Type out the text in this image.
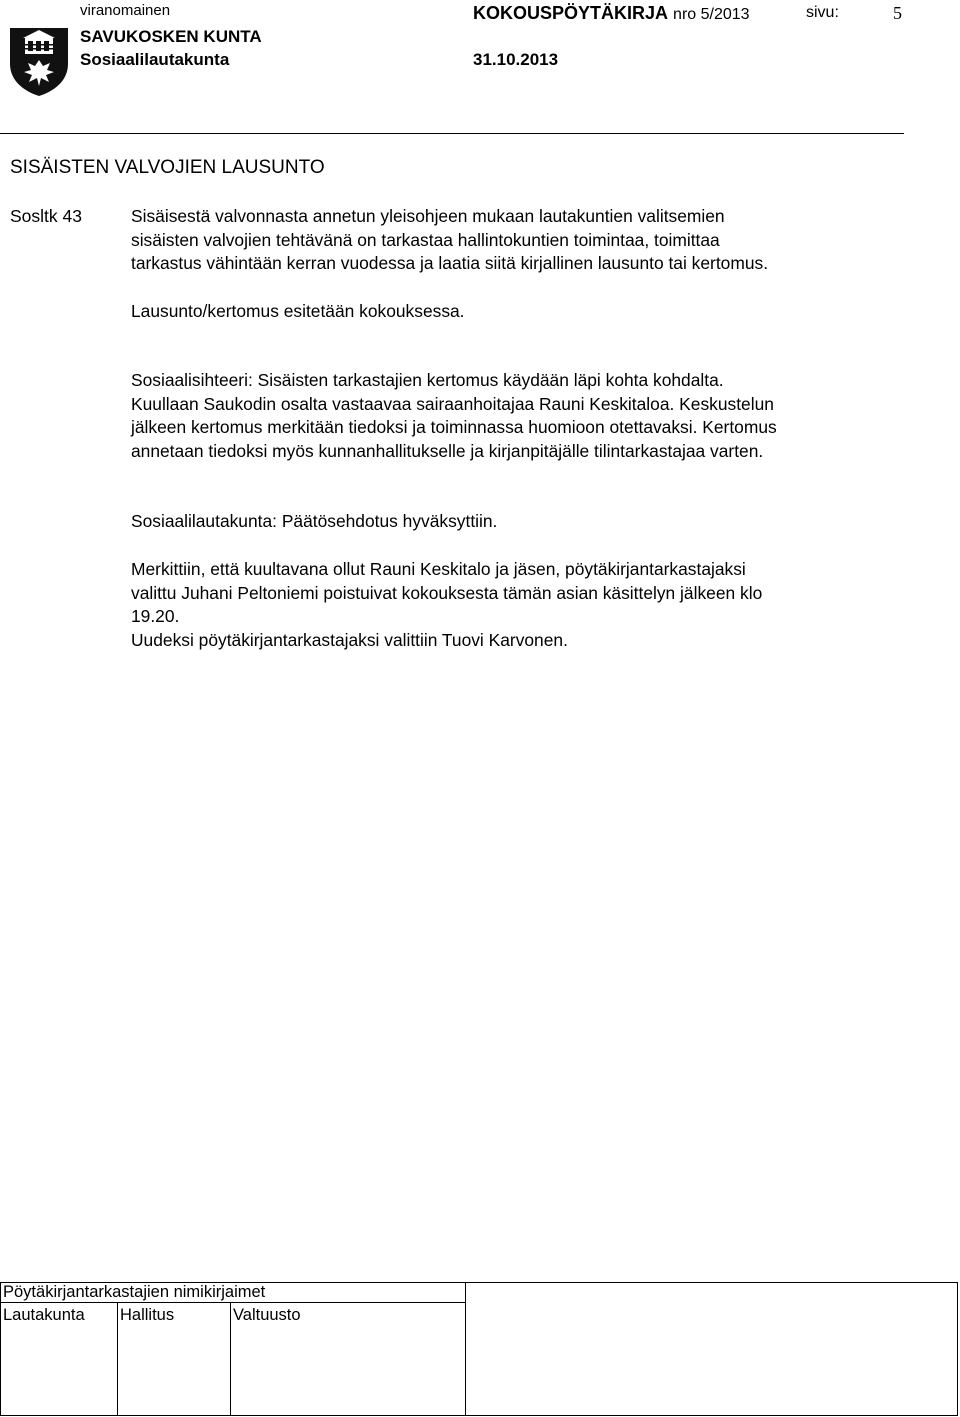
viranomainen	KOKOUSPÖYTÄKIRJA nro 5/2013	sivu:	5
SAVUKOSKEN KUNTA
Sosiaalilautakunta	31.10.2013
SISÄISTEN VALVOJIEN LAUSUNTO
Sosltk 43	Sisäisestä valvonnasta annetun yleisohjeen mukaan lautakuntien valitsemien
sisäisten valvojien tehtävänä on tarkastaa hallintokuntien toimintaa, toimittaa
tarkastus vähintään kerran vuodessa ja laatia siitä kirjallinen lausunto tai kertomus.
Lausunto/kertomus esitetään kokouksessa.
Sosiaalisihteeri: Sisäisten tarkastajien kertomus käydään läpi kohta kohdalta.
Kuullaan Saukodin osalta vastaavaa sairaanhoitajaa Rauni Keskitaloa. Keskustelun
jälkeen kertomus merkitään tiedoksi ja toiminnassa huomioon otettavaksi. Kertomus
annetaan tiedoksi myös kunnanhallitukselle ja kirjanpitäjälle tilintarkastajaa varten.
Sosiaalilautakunta: Päätösehdotus hyväksyttiin.
Merkittiin, että kuultavana ollut Rauni Keskitalo ja jäsen, pöytäkirjantarkastajaksi
valittu Juhani Peltoniemi poistuivat kokouksesta tämän asian käsittelyn jälkeen klo
19.20.
Uudeksi pöytäkirjantarkastajaksi valittiin Tuovi Karvonen.
Pöytäkirjantarkastajien nimikirjaimet			
Lautakunta	Hallitus	Valtuusto	
